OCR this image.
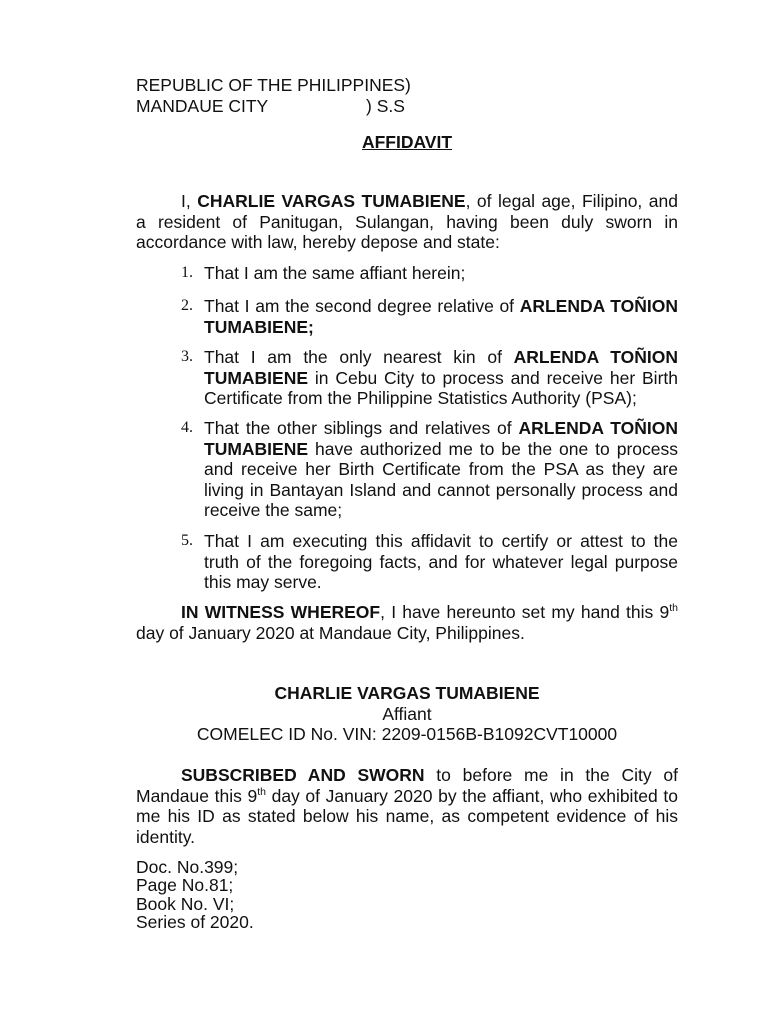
REPUBLIC OF THE PHILIPPINES)
MANDAUE CITY	) S.S
AFFIDAVIT

I, CHARLIE VARGAS TUMABIENE, of legal age, Filipino, and a resident of Panitugan, Sulangan, having been duly sworn in accordance with law, hereby depose and state:

1. That I am the same affiant herein;
2. That I am the second degree relative of ARLENDA TOÑION TUMABIENE;
3. That I am the only nearest kin of ARLENDA TOÑION TUMABIENE in Cebu City to process and receive her Birth Certificate from the Philippine Statistics Authority (PSA);
4. That the other siblings and relatives of ARLENDA TOÑION TUMABIENE have authorized me to be the one to process and receive her Birth Certificate from the PSA as they are living in Bantayan Island and cannot personally process and receive the same;
5. That I am executing this affidavit to certify or attest to the truth of the foregoing facts, and for whatever legal purpose this may serve.

IN WITNESS WHEREOF, I have hereunto set my hand this 9th day of January 2020 at Mandaue City, Philippines.

CHARLIE VARGAS TUMABIENE
Affiant
COMELEC ID No. VIN: 2209-0156B-B1092CVT10000

SUBSCRIBED AND SWORN to before me in the City of Mandaue this 9th day of January 2020 by the affiant, who exhibited to me his ID as stated below his name, as competent evidence of his identity.

Doc. No.399;
Page No.81;
Book No. VI;
Series of 2020.
